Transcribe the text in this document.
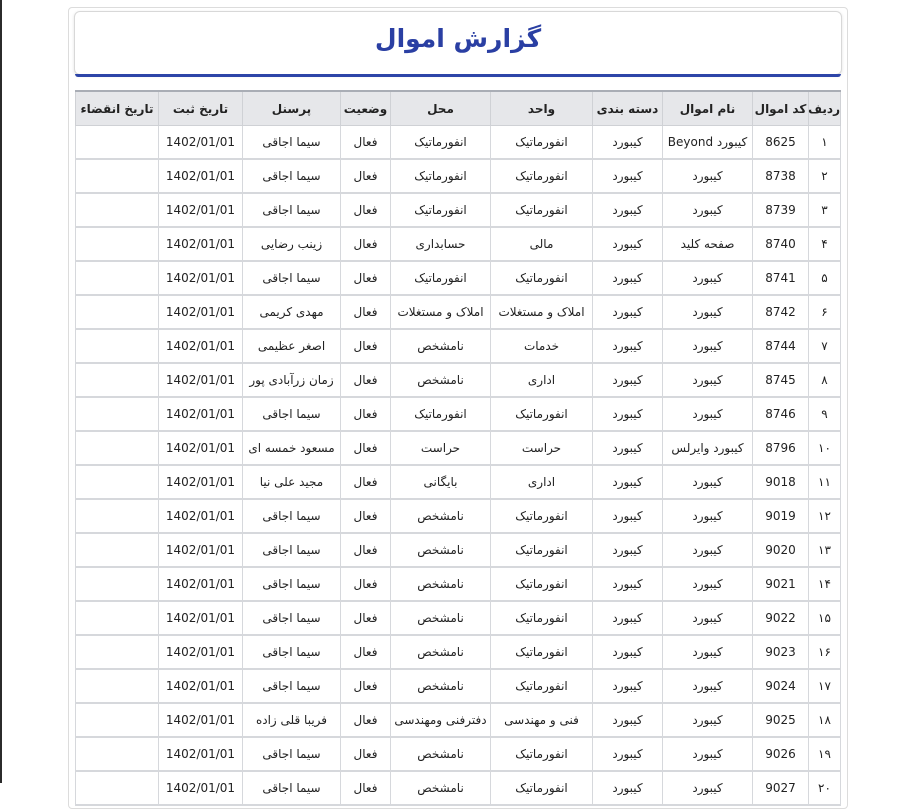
گزارش اموال
ردیف	کد اموال	نام اموال	دسته بندی	واحد	محل	وضعیت	پرسنل	تاریخ ثبت	تاریخ انقضاء
۱	8625	کیبورد Beyond	کیبورد	انفورماتیک	انفورماتیک	فعال	سیما اجاقی	1402/01/01	
۲	8738	کیبورد	کیبورد	انفورماتیک	انفورماتیک	فعال	سیما اجاقی	1402/01/01	
۳	8739	کیبورد	کیبورد	انفورماتیک	انفورماتیک	فعال	سیما اجاقی	1402/01/01	
۴	8740	صفحه کلید	کیبورد	مالی	حسابداری	فعال	زینب رضایی	1402/01/01	
۵	8741	کیبورد	کیبورد	انفورماتیک	انفورماتیک	فعال	سیما اجاقی	1402/01/01	
۶	8742	کیبورد	کیبورد	املاک و مستغلات	املاک و مستغلات	فعال	مهدی کریمی	1402/01/01	
۷	8744	کیبورد	کیبورد	خدمات	نامشخص	فعال	اصغر عظیمی	1402/01/01	
۸	8745	کیبورد	کیبورد	اداری	نامشخص	فعال	زمان زرآبادی پور	1402/01/01	
۹	8746	کیبورد	کیبورد	انفورماتیک	انفورماتیک	فعال	سیما اجاقی	1402/01/01	
۱۰	8796	کیبورد وایرلس	کیبورد	حراست	حراست	فعال	مسعود خمسه ای	1402/01/01	
۱۱	9018	کیبورد	کیبورد	اداری	بایگانی	فعال	مجید علی نیا	1402/01/01	
۱۲	9019	کیبورد	کیبورد	انفورماتیک	نامشخص	فعال	سیما اجاقی	1402/01/01	
۱۳	9020	کیبورد	کیبورد	انفورماتیک	نامشخص	فعال	سیما اجاقی	1402/01/01	
۱۴	9021	کیبورد	کیبورد	انفورماتیک	نامشخص	فعال	سیما اجاقی	1402/01/01	
۱۵	9022	کیبورد	کیبورد	انفورماتیک	نامشخص	فعال	سیما اجاقی	1402/01/01	
۱۶	9023	کیبورد	کیبورد	انفورماتیک	نامشخص	فعال	سیما اجاقی	1402/01/01	
۱۷	9024	کیبورد	کیبورد	انفورماتیک	نامشخص	فعال	سیما اجاقی	1402/01/01	
۱۸	9025	کیبورد	کیبورد	فنی و مهندسی	دفترفنی ومهندسی	فعال	فریبا قلی زاده	1402/01/01	
۱۹	9026	کیبورد	کیبورد	انفورماتیک	نامشخص	فعال	سیما اجاقی	1402/01/01	
۲۰	9027	کیبورد	کیبورد	انفورماتیک	نامشخص	فعال	سیما اجاقی	1402/01/01	
